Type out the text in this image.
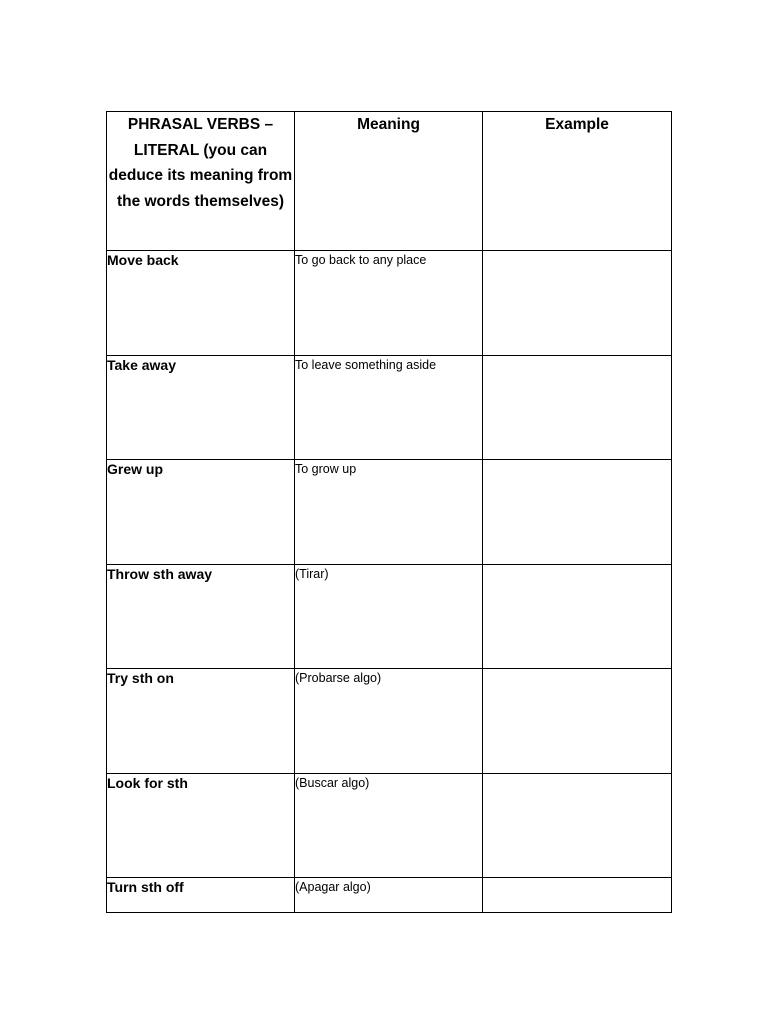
PHRASAL VERBS – LITERAL (you can deduce its meaning from the words themselves)	Meaning	Example
Move back	To go back to any place	
Take away	To leave something aside	
Grew up	To grow up	
Throw sth away	(Tirar)	
Try sth on	(Probarse algo)	
Look for sth	(Buscar algo)	
Turn sth off	(Apagar algo)	
